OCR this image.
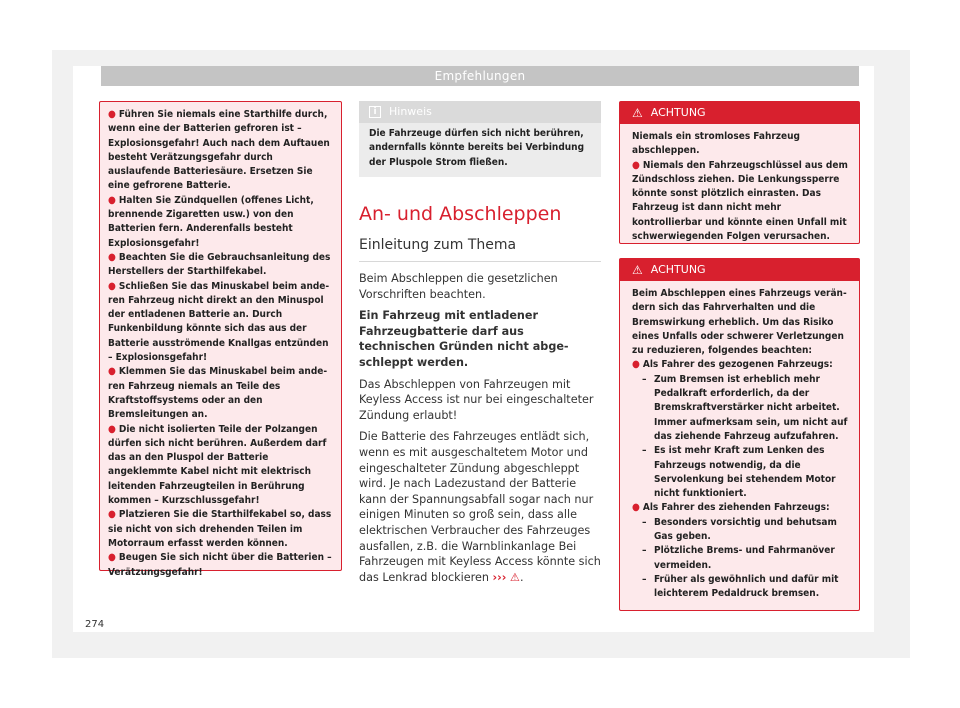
Empfehlungen
● Führen Sie niemals eine Starthilfe durch, wenn eine der Batterien gefroren ist – Explosionsgefahr! Auch nach dem Auftauen besteht Verätzungsgefahr durch auslaufende Batteriesäure. Ersetzen Sie eine gefrorene Batterie.
● Halten Sie Zündquellen (offenes Licht, brennende Zigaretten usw.) von den Batterien fern. Anderenfalls besteht Explosionsgefahr!
● Beachten Sie die Gebrauchsanleitung des Herstellers der Starthilfekabel.
● Schließen Sie das Minuskabel beim anderen Fahrzeug nicht direkt an den Minuspol der entladenen Batterie an. Durch Funkenbildung könnte sich das aus der Batterie ausströmende Knallgas entzünden – Explosionsgefahr!
● Klemmen Sie das Minuskabel beim anderen Fahrzeug niemals an Teile des Kraftstoffsystems oder an den Bremsleitungen an.
● Die nicht isolierten Teile der Polzangen dürfen sich nicht berühren. Außerdem darf das an den Pluspol der Batterie angeklemmte Kabel nicht mit elektrisch leitenden Fahrzeugteilen in Berührung kommen – Kurzschlussgefahr!
● Platzieren Sie die Starthilfekabel so, dass sie nicht von sich drehenden Teilen im Motorraum erfasst werden können.
● Beugen Sie sich nicht über die Batterien – Verätzungsgefahr!
i	Hinweis
Die Fahrzeuge dürfen sich nicht berühren, andernfalls könnte bereits bei Verbindung der Pluspole Strom fließen.
An- und Abschleppen
Einleitung zum Thema

Beim Abschleppen die gesetzlichen Vorschriften beachten.

Ein Fahrzeug mit entladener Fahrzeugbatterie darf aus technischen Gründen nicht abgeschleppt werden.

Das Abschleppen von Fahrzeugen mit Keyless Access ist nur bei eingeschalteter Zündung erlaubt!

Die Batterie des Fahrzeuges entlädt sich, wenn es mit ausgeschaltetem Motor und eingeschalteter Zündung abgeschleppt wird. Je nach Ladezustand der Batterie kann der Spannungsabfall sogar nach nur einigen Minuten so groß sein, dass alle elektrischen Verbraucher des Fahrzeuges ausfallen, z.B. die Warnblinkanlage Bei Fahrzeugen mit Keyless Access könnte sich das Lenkrad blockieren ››› ⚠.

⚠ ACHTUNG
Niemals ein stromloses Fahrzeug abschleppen.
● Niemals den Fahrzeugschlüssel aus dem Zündschloss ziehen. Die Lenkungssperre könnte sonst plötzlich einrasten. Das Fahrzeug ist dann nicht mehr kontrollierbar und könnte einen Unfall mit schwerwiegenden Folgen verursachen.
⚠ ACHTUNG
Beim Abschleppen eines Fahrzeugs verändern sich das Fahrverhalten und die Bremswirkung erheblich. Um das Risiko eines Unfalls oder schwerer Verletzungen zu reduzieren, folgendes beachten:
● Als Fahrer des gezogenen Fahrzeugs:
– Zum Bremsen ist erheblich mehr Pedalkraft erforderlich, da der Bremskraftverstärker nicht arbeitet. Immer aufmerksam sein, um nicht auf das ziehende Fahrzeug aufzufahren.
– Es ist mehr Kraft zum Lenken des Fahrzeugs notwendig, da die Servolenkung bei stehendem Motor nicht funktioniert.
● Als Fahrer des ziehenden Fahrzeugs:
– Besonders vorsichtig und behutsam Gas geben.
– Plötzliche Brems- und Fahrmanöver vermeiden.
– Früher als gewöhnlich und dafür mit leichterem Pedaldruck bremsen.
274
